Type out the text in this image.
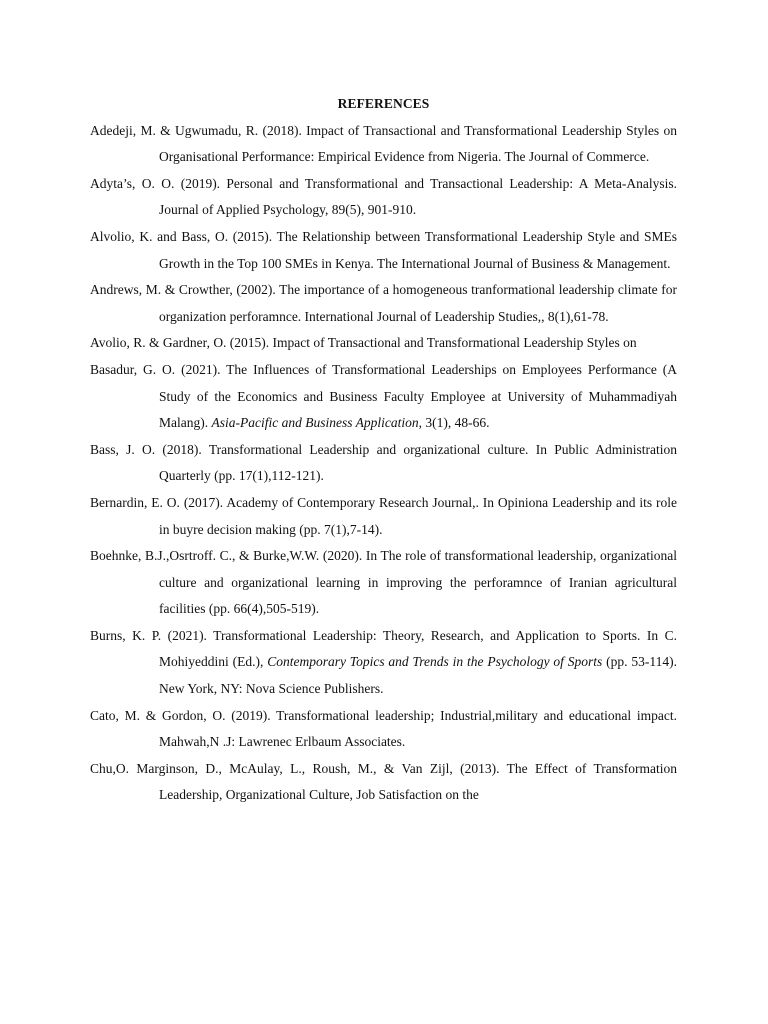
REFERENCES

Adedeji, M. & Ugwumadu, R. (2018). Impact of Transactional and Transformational Leadership Styles on Organisational Performance: Empirical Evidence from Nigeria. The Journal of Commerce.

Adyta’s, O. O. (2019). Personal and Transformational and Transactional Leadership: A Meta-Analysis. Journal of Applied Psychology, 89(5), 901-910.

Alvolio, K. and Bass, O. (2015). The Relationship between Transformational Leadership Style and SMEs Growth in the Top 100 SMEs in Kenya. The International Journal of Business & Management.

Andrews, M. & Crowther, (2002). The importance of a homogeneous tranformational leadership climate for organization perforamnce. International Journal of Leadership Studies,, 8(1),61-78.

Avolio, R. & Gardner, O. (2015). Impact of Transactional and Transformational Leadership Styles on

Basadur, G. O. (2021). The Influences of Transformational Leaderships on Employees Performance (A Study of the Economics and Business Faculty Employee at University of Muhammadiyah Malang). Asia-Pacific and Business Application, 3(1), 48-66.

Bass, J. O. (2018). Transformational Leadership and organizational culture. In Public Administration Quarterly (pp. 17(1),112-121).

Bernardin, E. O. (2017). Academy of Contemporary Research Journal,. In Opiniona Leadership and its role in buyre decision making (pp. 7(1),7-14).

Boehnke, B.J.,Osrtroff. C., & Burke,W.W. (2020). In The role of transformational leadership, organizational culture and organizational learning in improving the perforamnce of Iranian agricultural facilities (pp. 66(4),505-519).

Burns, K. P. (2021). Transformational Leadership: Theory, Research, and Application to Sports. In C. Mohiyeddini (Ed.), Contemporary Topics and Trends in the Psychology of Sports (pp. 53-114). New York, NY: Nova Science Publishers.

Cato, M. & Gordon, O. (2019). Transformational leadership; Industrial,military and educational impact. Mahwah,N .J: Lawrenec Erlbaum Associates.

Chu,O. Marginson, D., McAulay, L., Roush, M., & Van Zijl, (2013). The Effect of Transformation Leadership, Organizational Culture, Job Satisfaction on the
